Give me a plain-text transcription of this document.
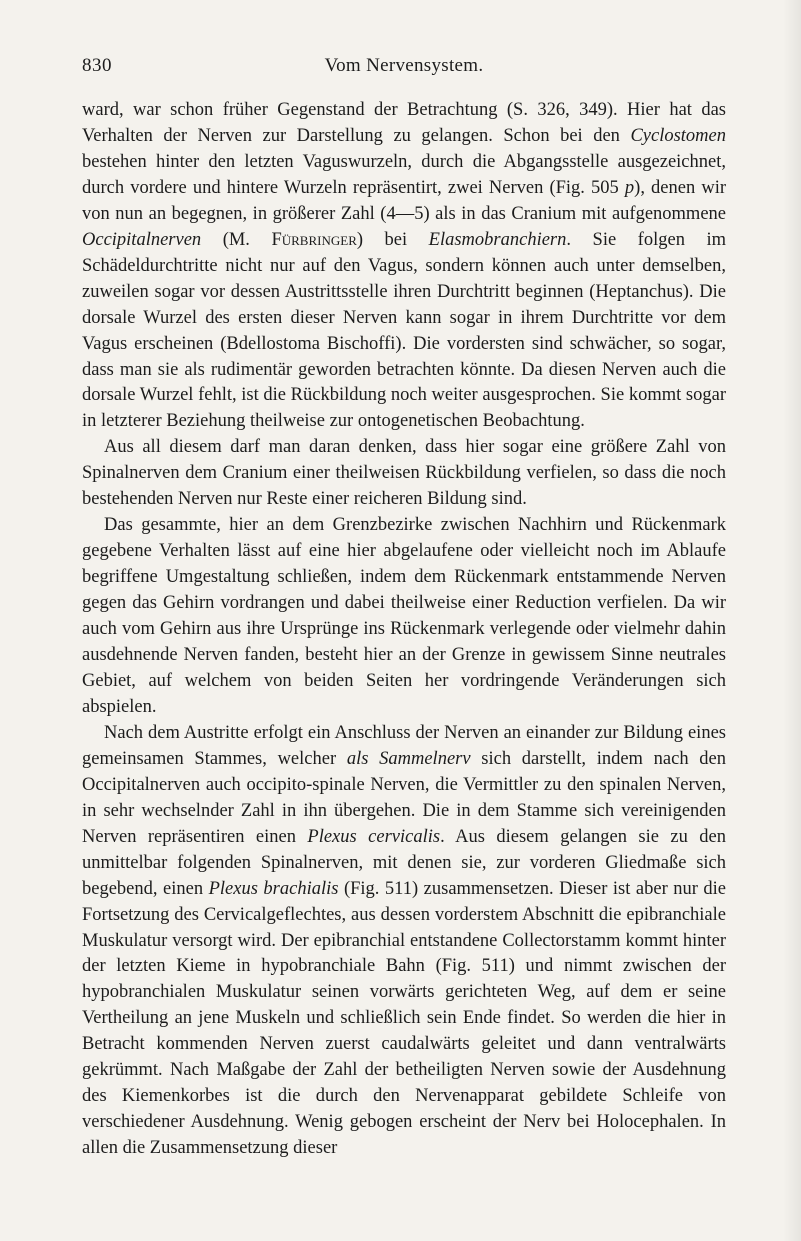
830	Vom Nervensystem.

ward, war schon früher Gegenstand der Betrachtung (S. 326, 349). Hier hat das Verhalten der Nerven zur Darstellung zu gelangen. Schon bei den Cyclostomen bestehen hinter den letzten Vaguswurzeln, durch die Abgangsstelle ausgezeichnet, durch vordere und hintere Wurzeln repräsentirt, zwei Nerven (Fig. 505 p), denen wir von nun an begegnen, in größerer Zahl (4—5) als in das Cranium mit aufgenommene Occipitalnerven (M. Fürbringer) bei Elasmobranchiern. Sie folgen im Schädeldurchtritte nicht nur auf den Vagus, sondern können auch unter demselben, zuweilen sogar vor dessen Austrittsstelle ihren Durchtritt beginnen (Heptanchus). Die dorsale Wurzel des ersten dieser Nerven kann sogar in ihrem Durchtritte vor dem Vagus erscheinen (Bdellostoma Bischoffi). Die vordersten sind schwächer, so sogar, dass man sie als rudimentär geworden betrachten könnte. Da diesen Nerven auch die dorsale Wurzel fehlt, ist die Rückbildung noch weiter ausgesprochen. Sie kommt sogar in letzterer Beziehung theilweise zur ontogenetischen Beobachtung.

Aus all diesem darf man daran denken, dass hier sogar eine größere Zahl von Spinalnerven dem Cranium einer theilweisen Rückbildung verfielen, so dass die noch bestehenden Nerven nur Reste einer reicheren Bildung sind.

Das gesammte, hier an dem Grenzbezirke zwischen Nachhirn und Rückenmark gegebene Verhalten lässt auf eine hier abgelaufene oder vielleicht noch im Ablaufe begriffene Umgestaltung schließen, indem dem Rückenmark entstammende Nerven gegen das Gehirn vordrangen und dabei theilweise einer Reduction verfielen. Da wir auch vom Gehirn aus ihre Ursprünge ins Rückenmark verlegende oder vielmehr dahin ausdehnende Nerven fanden, besteht hier an der Grenze in gewissem Sinne neutrales Gebiet, auf welchem von beiden Seiten her vordringende Veränderungen sich abspielen.

Nach dem Austritte erfolgt ein Anschluss der Nerven an einander zur Bildung eines gemeinsamen Stammes, welcher als Sammelnerv sich darstellt, indem nach den Occipitalnerven auch occipito-spinale Nerven, die Vermittler zu den spinalen Nerven, in sehr wechselnder Zahl in ihn übergehen. Die in dem Stamme sich vereinigenden Nerven repräsentiren einen Plexus cervicalis. Aus diesem gelangen sie zu den unmittelbar folgenden Spinalnerven, mit denen sie, zur vorderen Gliedmaße sich begebend, einen Plexus brachialis (Fig. 511) zusammensetzen. Dieser ist aber nur die Fortsetzung des Cervicalgeflechtes, aus dessen vorderstem Abschnitt die epibranchiale Muskulatur versorgt wird. Der epibranchial entstandene Collectorstamm kommt hinter der letzten Kieme in hypobranchiale Bahn (Fig. 511) und nimmt zwischen der hypobranchialen Muskulatur seinen vorwärts gerichteten Weg, auf dem er seine Vertheilung an jene Muskeln und schließlich sein Ende findet. So werden die hier in Betracht kommenden Nerven zuerst caudalwärts geleitet und dann ventralwärts gekrümmt. Nach Maßgabe der Zahl der betheiligten Nerven sowie der Ausdehnung des Kiemenkorbes ist die durch den Nervenapparat gebildete Schleife von verschiedener Ausdehnung. Wenig gebogen erscheint der Nerv bei Holocephalen. In allen die Zusammensetzung dieser
